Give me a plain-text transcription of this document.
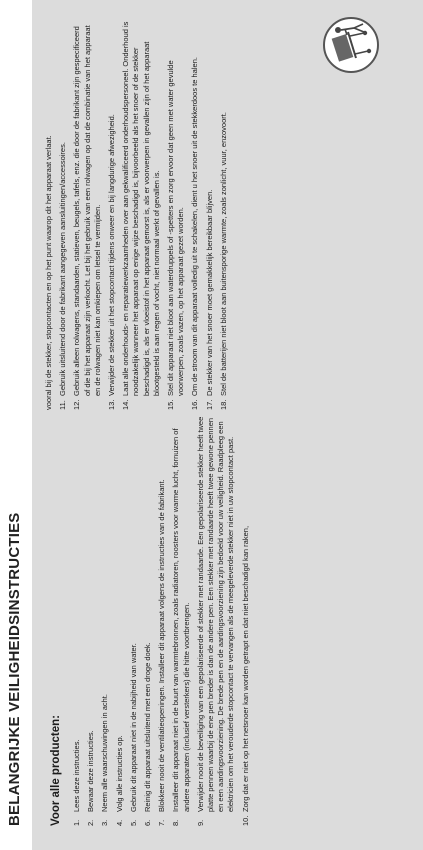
BELANGRIJKE VEILIGHEIDSINSTRUCTIES Voor alle producten: 1.
Lees deze instructies.
2.
Bewaar deze instructies.
3.
Neem alle waarschuwingen in acht.
4.
Volg alle instructies op.
5.
Gebruik dit apparaat niet in de nabijheid van water.
6.
Reinig dit apparaat uitsluitend met een droge doek.
7.
Blokkeer nooit de ventilatieopeningen. Installeer dit apparaat volgens de instructies van de fabrikant.
8.
Installeer dit apparaat niet in de buurt van warmtebronnen, zoals radiatoren, roosters voor warme lucht, fornuizen of andere apparaten (inclusief versterkers) die hitte voortbrengen.
9.
Verwijder nooit de beveiliging van een gepolariseerde of stekker met randaarde. Een gepolariseerde stekker heeft twee platte pennen waarbij de ene pen breder is dan de andere pen. Een stekker met randaarde heeft twee gewone pennen en een aardingsvoorziening. De brede pen en de aardingsvoorziening zijn bedoeld voor uw veiligheid. Raadpleeg een elektricien om het verouderde stopcontact te vervangen als de meegeleverde stekker niet in uw stopcontact past.
10.
Zorg dat er niet op het netsnoer kan worden getrapt en dat niet beschadigd kan raken,
vooral bij de stekker, stopcontacten en op het punt waarop dit het apparaat verlaat. 11.
Gebruik uitsluitend door de fabrikant aangegeven aansluitingen/accessoires.
12.
Gebruik alleen rolwagens, standaarden, statieven, beugels, tafels, enz. die door de fabrikant zijn gespecificeerd of die bij het apparaat zijn verkocht. Let bij het gebruik van een rolwagen op dat de combinatie van het apparaat en de rolwagen niet kan omkiepen om letsel te vermijden.
13.
Verwijder de stekker uit het stopcontact tijdens onweer en bij langdurige afwezigheid.
14.
Laat alle onderhouds- en reparatiewerkzaamheden over aan gekwalificeerd onderhoudspersoneel. Onderhoud is noodzakelijk wanneer het apparaat op enige wijze beschadigd is, bijvoorbeeld als het snoer of de stekker beschadigd is, als er vloeistof in het apparaat gemorst is, als er voorwerpen in gevallen zijn of het apparaat blootgesteld is aan regen of vocht, niet normaal werkt of gevallen is.
15.
Stel dit apparaat niet bloot aan waterdruppels of -spetters en zorg ervoor dat geen met water gevulde voorwerpen, zoals vazen, op het apparaat gezet worden.
16.
Om de stroom van dit apparaat volledig uit te schakelen, dient u het snoer uit de stekkerdoos te halen.
17.
De stekker van het snoer moet gemakkelijk bereikbaar blijven.
18.
Stel de batterijen niet bloot aan buitensporige warmte, zoals zonlicht, vuur, enzovoort.
